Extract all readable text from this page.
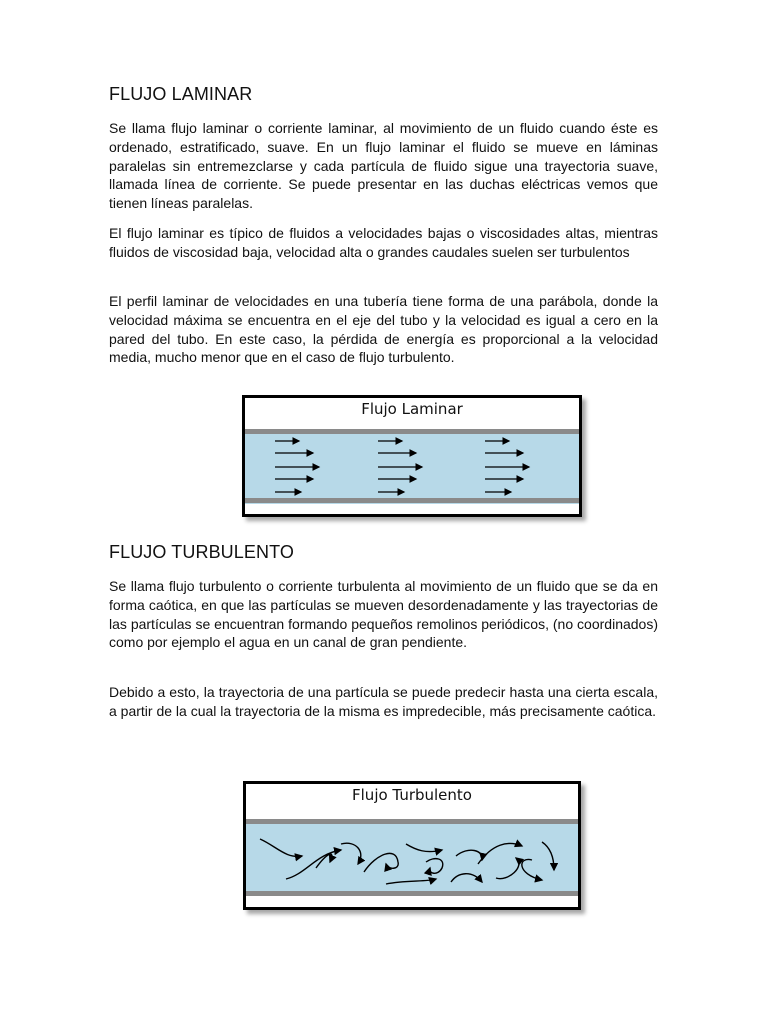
FLUJO LAMINAR

Se llama flujo laminar o corriente laminar, al movimiento de un fluido cuando éste es ordenado, estratificado, suave. En un flujo laminar el fluido se mueve en láminas paralelas sin entremezclarse y cada partícula de fluido sigue una trayectoria suave, llamada línea de corriente. Se puede presentar en las duchas eléctricas vemos que tienen líneas paralelas.

El flujo laminar es típico de fluidos a velocidades bajas o viscosidades altas, mientras fluidos de viscosidad baja, velocidad alta o grandes caudales suelen ser turbulentos

El perfil laminar de velocidades en una tubería tiene forma de una parábola, donde la velocidad máxima se encuentra en el eje del tubo y la velocidad es igual a cero en la pared del tubo. En este caso, la pérdida de energía es proporcional a la velocidad media, mucho menor que en el caso de flujo turbulento.

Flujo Laminar
FLUJO TURBULENTO

Se llama flujo turbulento o corriente turbulenta al movimiento de un fluido que se da en forma caótica, en que las partículas se mueven desordenadamente y las trayectorias de las partículas se encuentran formando pequeños remolinos periódicos, (no coordinados) como por ejemplo el agua en un canal de gran pendiente.

Debido a esto, la trayectoria de una partícula se puede predecir hasta una cierta escala, a partir de la cual la trayectoria de la misma es impredecible, más precisamente caótica.

Flujo Turbulento
